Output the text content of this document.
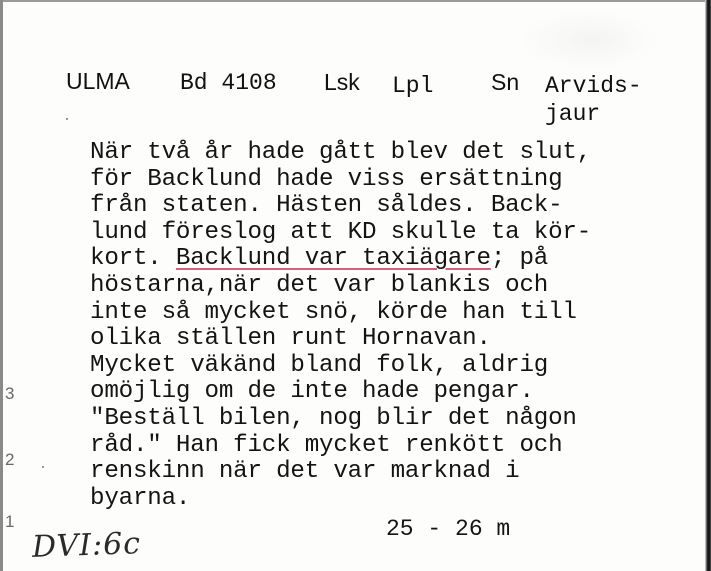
ULMA Bd 4108 Lsk Lpl	Sn Arvids-
jaur
När två år hade gått blev det slut,
för Backlund hade viss ersättning
från staten. Hästen såldes. Back-
lund föreslog att KD skulle ta kör-
kort. Backlund var taxiägare; på
höstarna,när det var blankis och
inte så mycket snö, körde han till
olika ställen runt Hornavan.
Mycket väkänd bland folk, aldrig
omöjlig om de inte hade pengar.
"Beställ bilen, nog blir det någon
råd." Han fick mycket renkött och
renskinn när det var marknad i
byarna.
25 - 26 m
3
2
1
DVI:6c
